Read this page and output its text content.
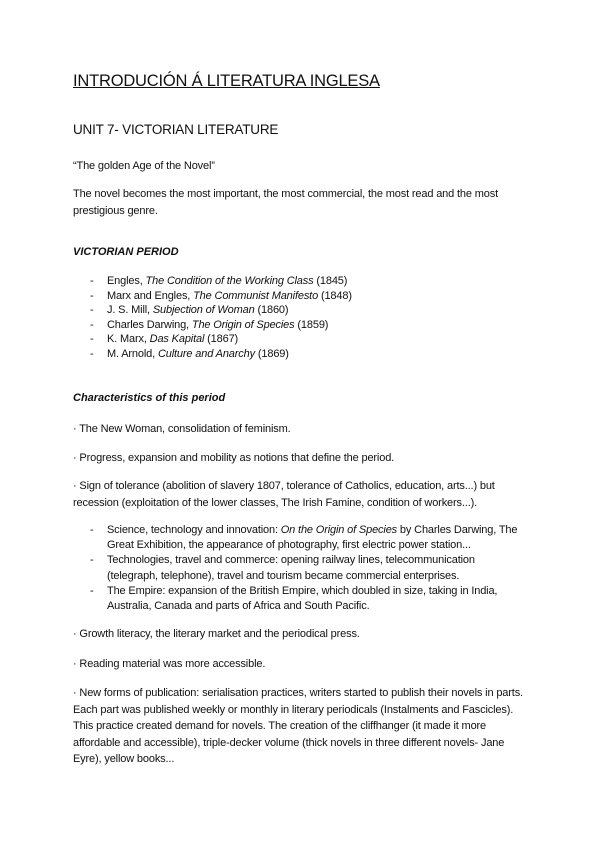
INTRODUCIÓN Á LITERATURA INGLESA
UNIT 7- VICTORIAN LITERATURE

“The golden Age of the Novel”

The novel becomes the most important, the most commercial, the most read and the most prestigious genre.

VICTORIAN PERIOD

- Engles, The Condition of the Working Class (1845)
- Marx and Engles, The Communist Manifesto (1848)
- J. S. Mill, Subjection of Woman (1860)
- Charles Darwing, The Origin of Species (1859)
- K. Marx, Das Kapital (1867)
- M. Arnold, Culture and Anarchy (1869)

Characteristics of this period

· The New Woman, consolidation of feminism.

· Progress, expansion and mobility as notions that define the period.

· Sign of tolerance (abolition of slavery 1807, tolerance of Catholics, education, arts...) but recession (exploitation of the lower classes, The Irish Famine, condition of workers...).

- Science, technology and innovation: On the Origin of Species by Charles Darwing, The Great Exhibition, the appearance of photography, first electric power station...
- Technologies, travel and commerce: opening railway lines, telecommunication (telegraph, telephone), travel and tourism became commercial enterprises.
- The Empire: expansion of the British Empire, which doubled in size, taking in India, Australia, Canada and parts of Africa and South Pacific.

· Growth literacy, the literary market and the periodical press.

· Reading material was more accessible.

· New forms of publication: serialisation practices, writers started to publish their novels in parts. Each part was published weekly or monthly in literary periodicals (Instalments and Fascicles). This practice created demand for novels. The creation of the cliffhanger (it made it more affordable and accessible), triple-decker volume (thick novels in three different novels- Jane Eyre), yellow books...
